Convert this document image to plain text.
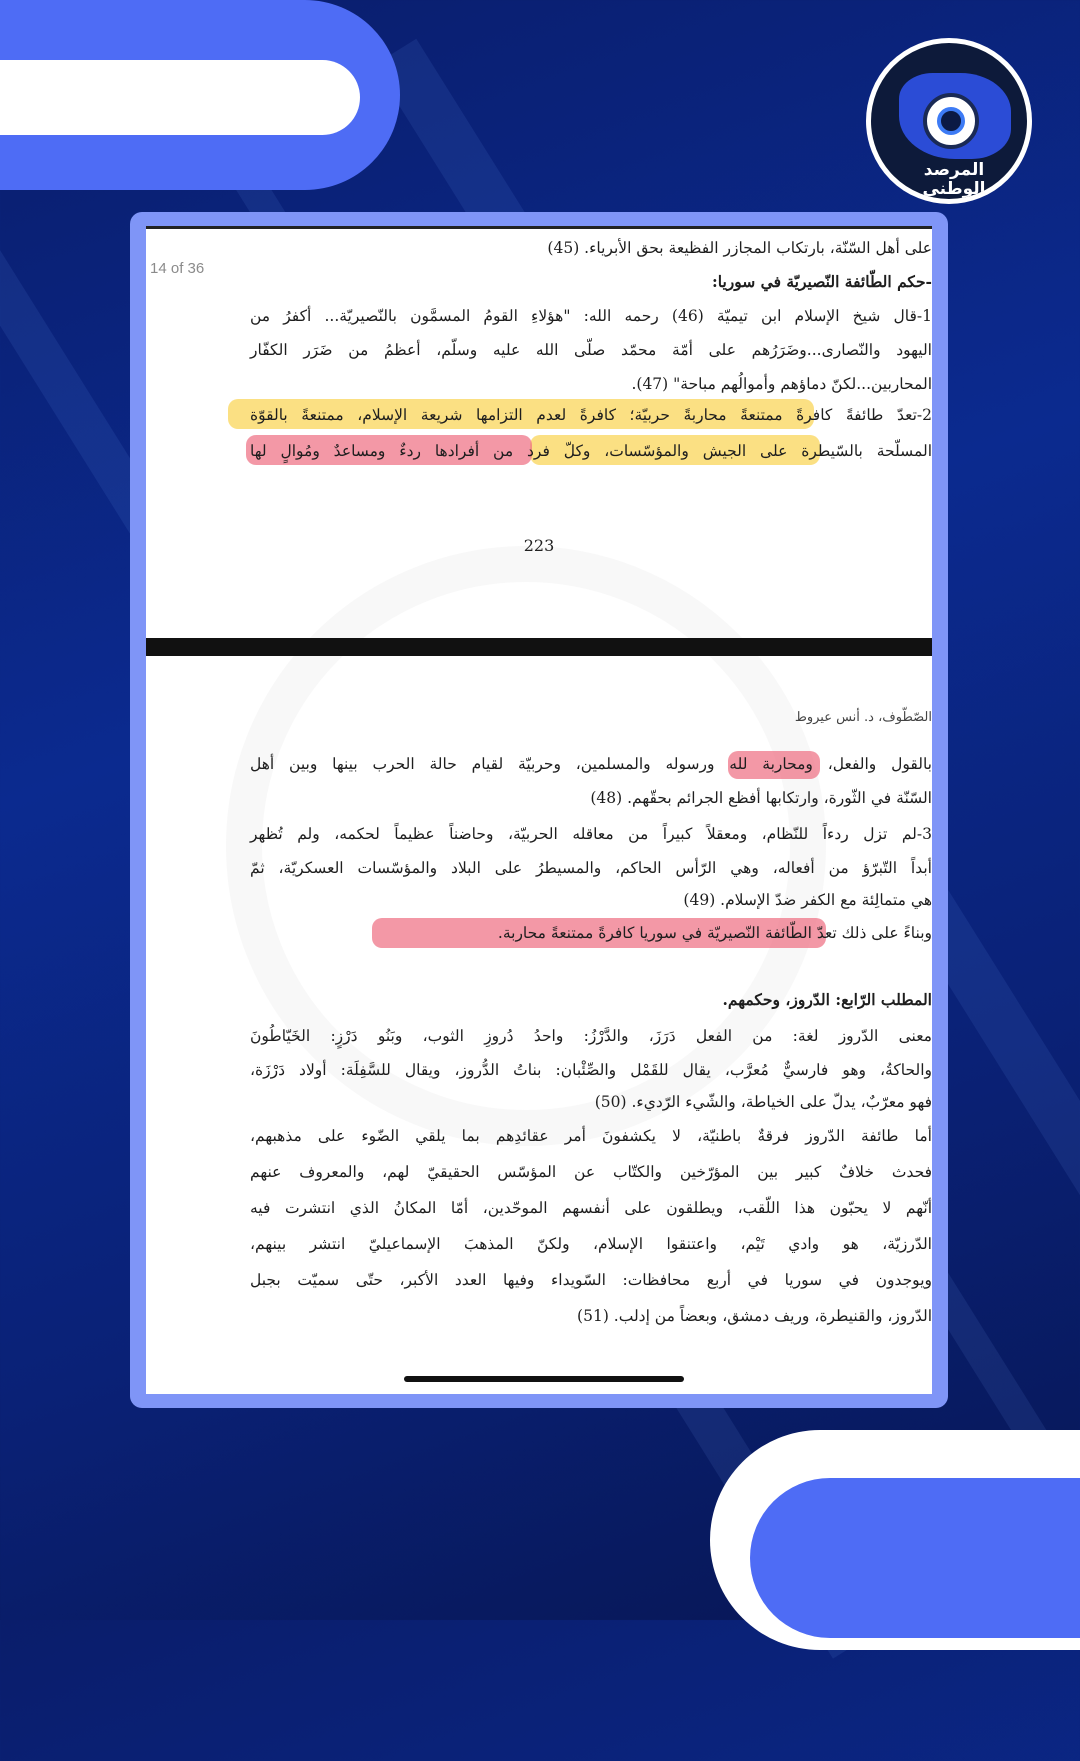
المرصد الوطني
14 of 36
على أهل السّنّة، بارتكاب المجازر الفظيعة بحق الأبرياء. (45)
-حكم الطّائفة النّصيريّة في سوريا:
1-قال شيخ الإسلام ابن تيميّة (46) رحمه الله: "هؤلاءِ القومُ المسمَّون بالنّصيريّة... أكفرُ من
اليهود والنّصارى...وضَرَرُهم على أمّة محمّد صلّى الله عليه وسلّم، أعظمُ من ضَرَر الكفّار
المحاربين...لكنّ دماؤهم وأموالُهم مباحة" (47).
2-تعدّ طائفةً كافرةً ممتنعةً محاربةً حربيّة؛ كافرةً لعدم التزامها شريعة الإسلام، ممتنعةً بالقوّة
المسلّحة بالسّيطرة على الجيش والمؤسّسات، وكلّ فرد من أفرادها ردءٌ ومساعدٌ ومُوالٍ لها
223
الصّطّوف، د. أنس عيروط
بالقول والفعل، ومحاربة لله ورسوله والمسلمين، وحربيّة لقيام حالة الحرب بينها وبين أهل
السّنّة في الثّورة، وارتكابها أفظع الجرائم بحقّهم. (48)
3-لم تزل ردءاً للنّظام، ومعقلاً كبيراً من معاقله الحربيّة، وحاضناً عظيماً لحكمه، ولم تُظهر
أبداً التّبرّؤ من أفعاله، وهي الرّأس الحاكم، والمسيطرُ على البلاد والمؤسّسات العسكريّة، ثمّ
هي متمالِئة مع الكفر ضدّ الإسلام. (49)
وبناءً على ذلك تعدّ الطّائفة النّصيريّة في سوريا كافرةً ممتنعةً محاربة.
المطلب الرّابع: الدّروز، وحكمهم.
معنى الدّروز لغة: من الفعل دَرَزَ، والدَّرْزُ: واحدُ دُروزِ الثوب، وبَنُو دَرْزٍ: الخَيّاطُونَ
والحاكةُ، وهو فارسيٌّ مُعرَّب، يقال للقَمْل والصِّئْبان: بناتُ الدُّروز، ويقال للسَّفِلَة: أولاد دَرْزَة،
فهو معرّبٌ، يدلّ على الخياطة، والشّيء الرّديء. (50)
أما طائفة الدّروز فرقةٌ باطنيّة، لا يكشفونَ أمر عقائدِهم بما يلقي الضّوء على مذهبهم،
فحدث خلافٌ كبير بين المؤرّخين والكتّاب عن المؤسّس الحقيقيّ لهم، والمعروف عنهم
أنّهم لا يحبّون هذا اللّقب، ويطلقون على أنفسهم الموحّدين، أمّا المكانُ الذي انتشرت فيه
الدّرزيّة، هو وادي تَيْم، واعتنقوا الإسلام، ولكنّ المذهبَ الإسماعيليّ انتشر بينهم،
ويوجدون في سوريا في أربع محافظات: السّويداء وفيها العدد الأكبر، حتّى سميّت بجبل
الدّروز، والقنيطرة، وريف دمشق، وبعضاً من إدلب. (51)
